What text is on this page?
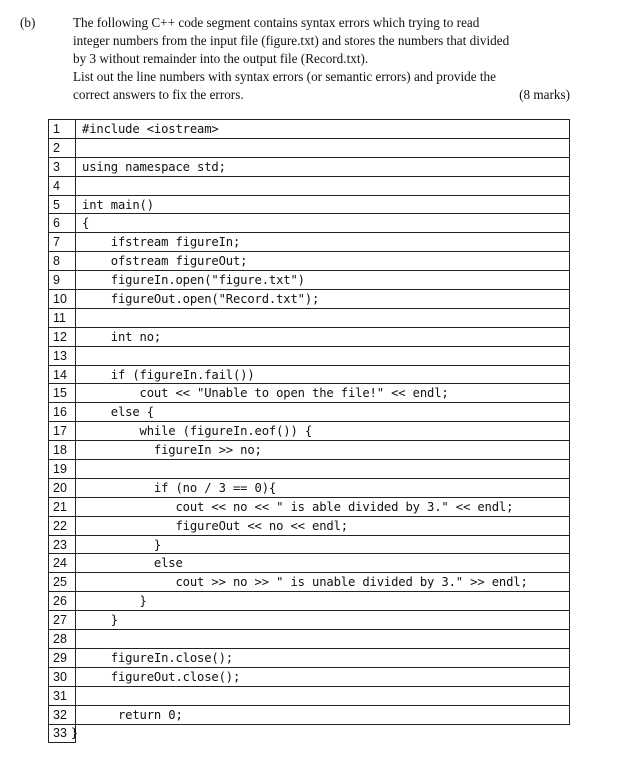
(b)	The following C++ code segment contains syntax errors which trying to read
integer numbers from the input file (figure.txt) and stores the numbers that divided
by 3 without remainder into the output file (Record.txt).
List out the line numbers with syntax errors (or semantic errors) and provide the
correct answers to fix the errors.	(8 marks)
1	#include <iostream>
2	
3	using namespace std;
4	
5	int main()
6	{
7	ifstream figureIn;
8	ofstream figureOut;
9	figureIn.open("figure.txt")
10	figureOut.open("Record.txt");
11	
12	int no;
13	
14	if (figureIn.fail())
15	cout << "Unable to open the file!" << endl;
16	else {
17	while (figureIn.eof()) {
18	figureIn >> no;
19	
20	if (no / 3 == 0){
21	cout << no << " is able divided by 3." << endl;
22	figureOut << no << endl;
23	}
24	else
25	cout >> no >> " is unable divided by 3." >> endl;
26	}
27	}
28	
29	figureIn.close();
30	figureOut.close();
31	
32	return 0;
33 }	
